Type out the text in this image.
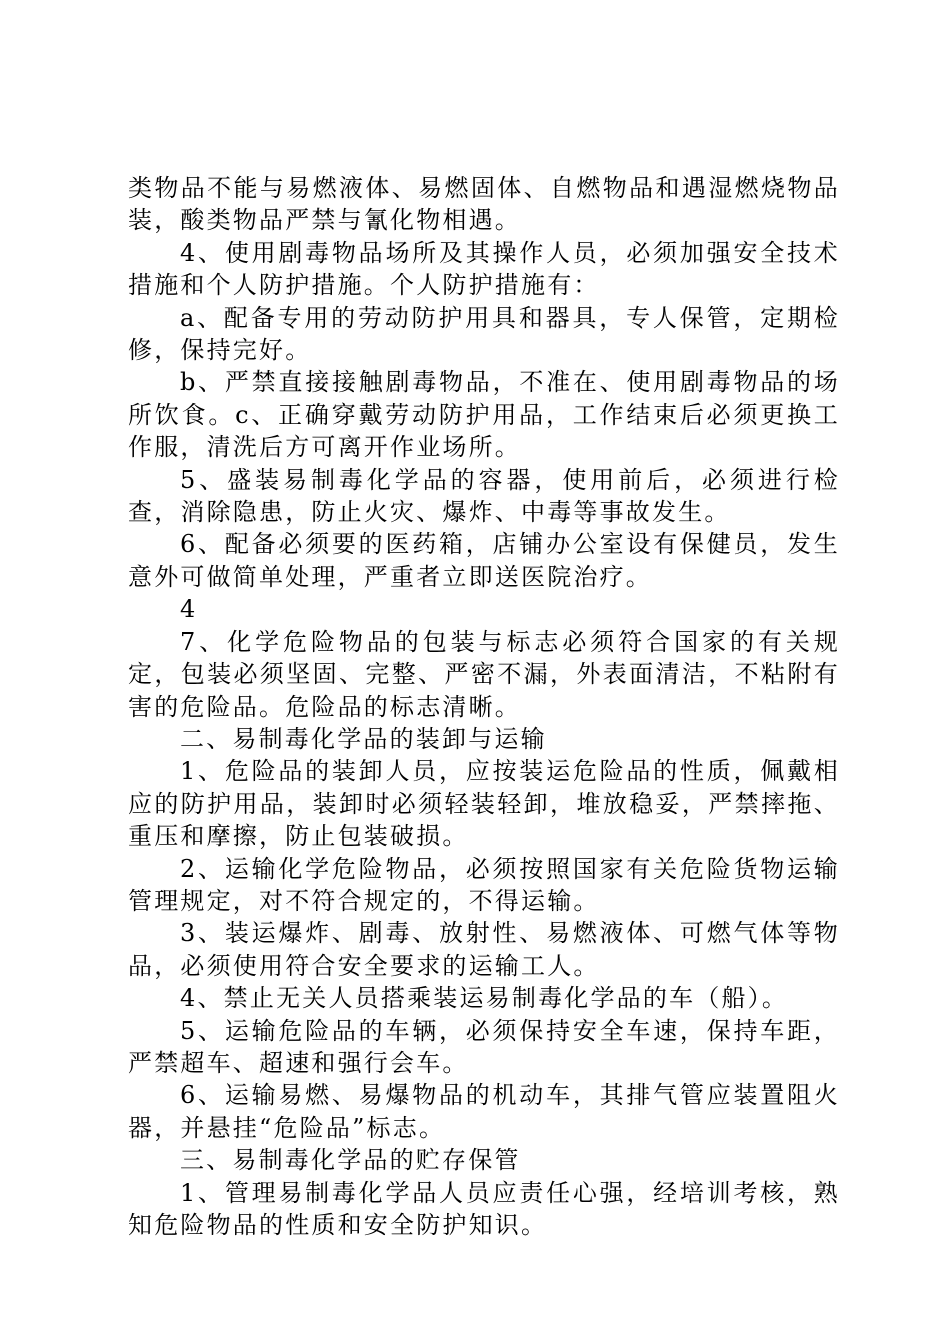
类物品不能与易燃液体、易燃固体、自燃物品和遇湿燃烧物品装，酸类物品严禁与氰化物相遇。

4、使用剧毒物品场所及其操作人员，必须加强安全技术措施和个人防护措施。个人防护措施有：

a、配备专用的劳动防护用具和器具，专人保管，定期检修，保持完好。

b、严禁直接接触剧毒物品，不准在、使用剧毒物品的场所饮食。c、正确穿戴劳动防护用品，工作结束后必须更换工作服，清洗后方可离开作业场所。

5、盛装易制毒化学品的容器，使用前后，必须进行检查，消除隐患，防止火灾、爆炸、中毒等事故发生。

6、配备必须要的医药箱，店铺办公室设有保健员，发生意外可做简单处理，严重者立即送医院治疗。

4

7、化学危险物品的包装与标志必须符合国家的有关规定，包装必须坚固、完整、严密不漏，外表面清洁，不粘附有害的危险品。危险品的标志清晰。

二、易制毒化学品的装卸与运输

1、危险品的装卸人员，应按装运危险品的性质，佩戴相应的防护用品，装卸时必须轻装轻卸，堆放稳妥，严禁摔拖、重压和摩擦，防止包装破损。

2、运输化学危险物品，必须按照国家有关危险货物运输管理规定，对不符合规定的，不得运输。

3、装运爆炸、剧毒、放射性、易燃液体、可燃气体等物品，必须使用符合安全要求的运输工人。

4、禁止无关人员搭乘装运易制毒化学品的车（船）。

5、运输危险品的车辆，必须保持安全车速，保持车距，严禁超车、超速和强行会车。

6、运输易燃、易爆物品的机动车，其排气管应装置阻火器，并悬挂“危险品”标志。

三、易制毒化学品的贮存保管

1、管理易制毒化学品人员应责任心强，经培训考核，熟知危险物品的性质和安全防护知识。
